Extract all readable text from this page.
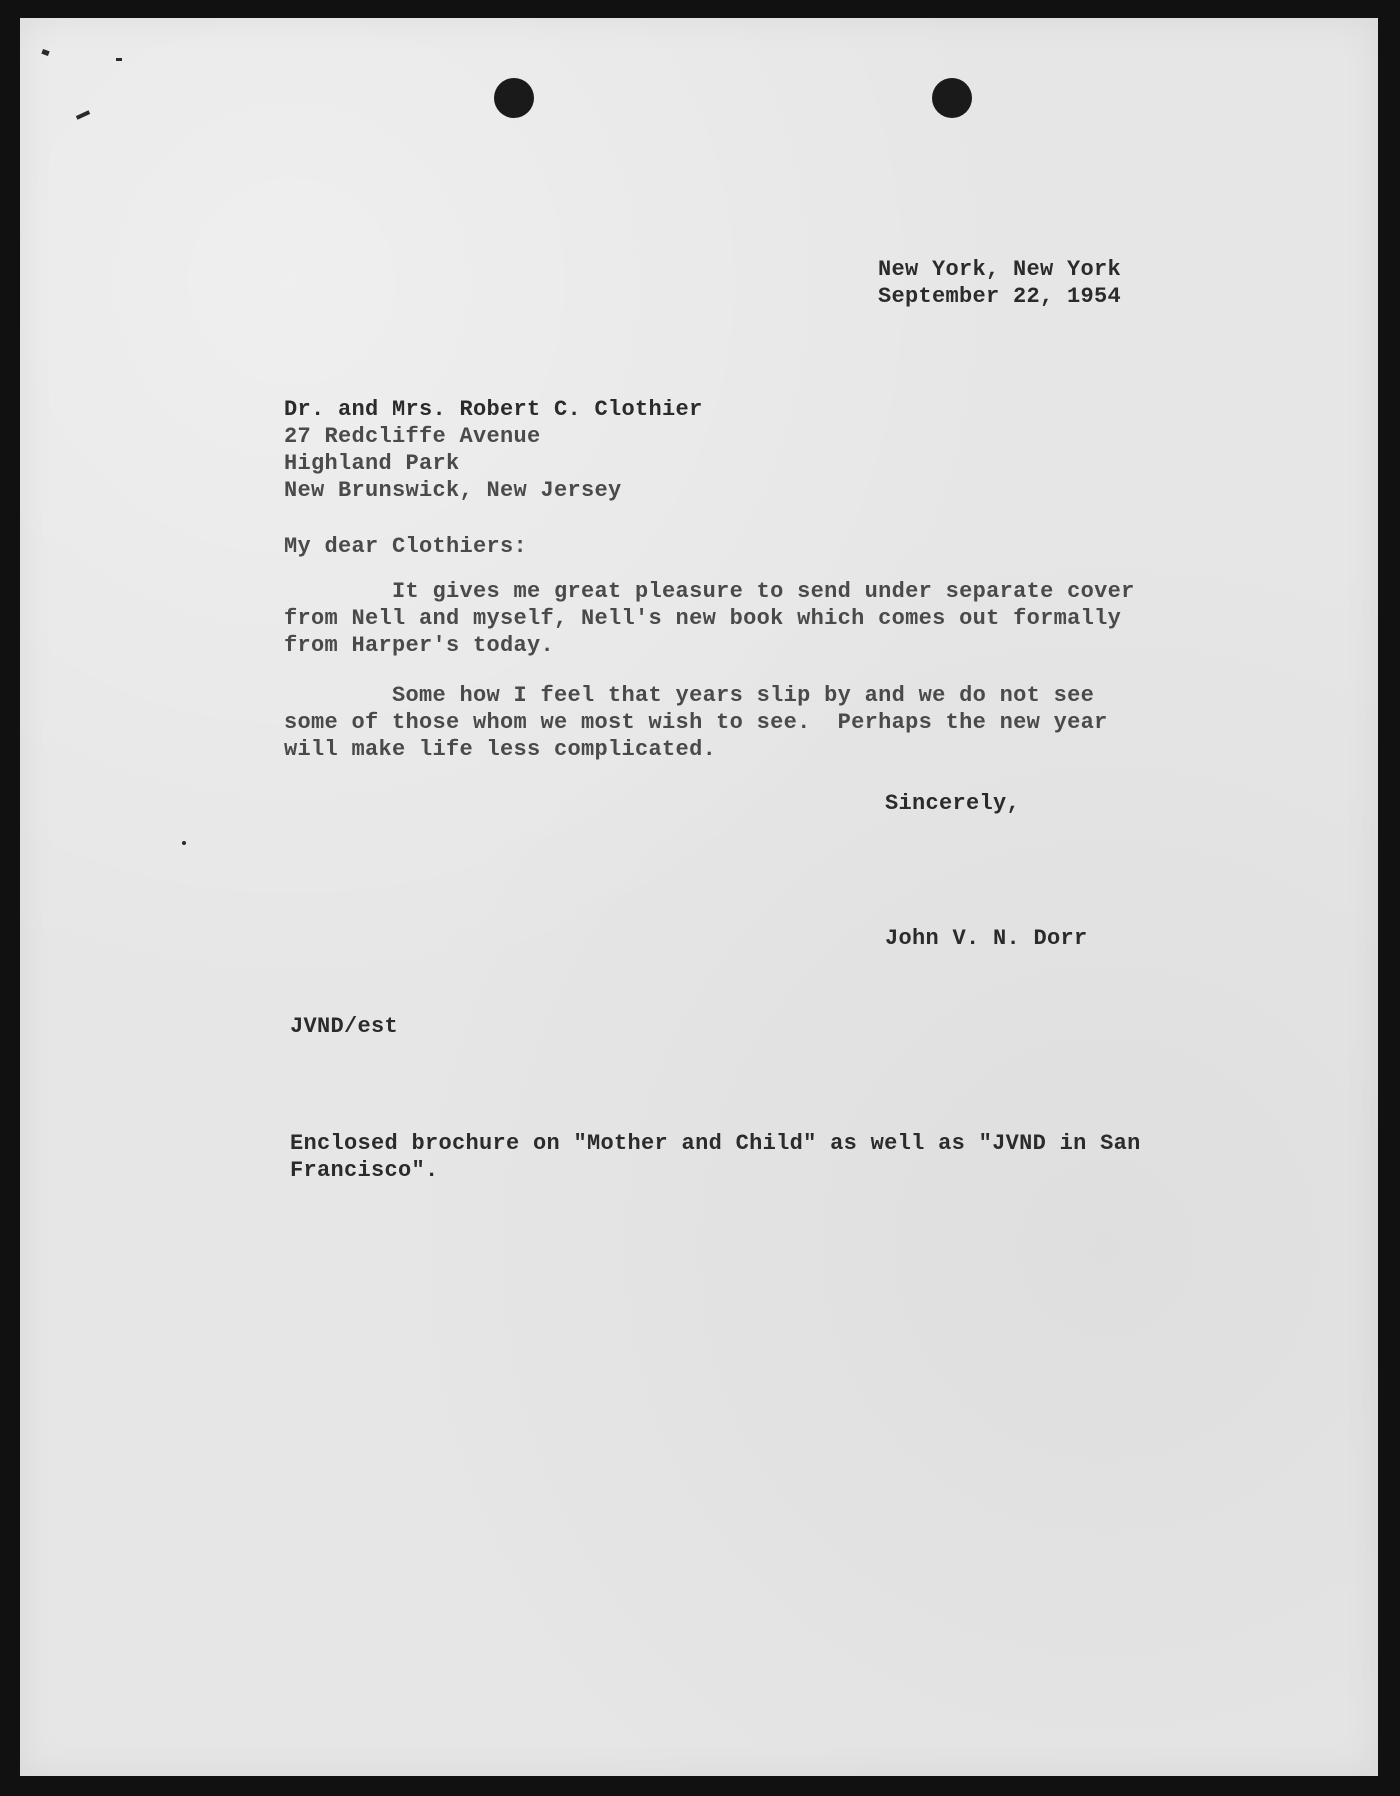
New York, New York
September 22, 1954
Dr. and Mrs. Robert C. Clothier
27 Redcliffe Avenue
Highland Park
New Brunswick, New Jersey
My dear Clothiers:
It gives me great pleasure to send under separate cover
from Nell and myself, Nell's new book which comes out formally
from Harper's today.
Some how I feel that years slip by and we do not see
some of those whom we most wish to see.  Perhaps the new year
will make life less complicated.
Sincerely,
John V. N. Dorr
JVND/est
Enclosed brochure on "Mother and Child" as well as "JVND in San
Francisco".
